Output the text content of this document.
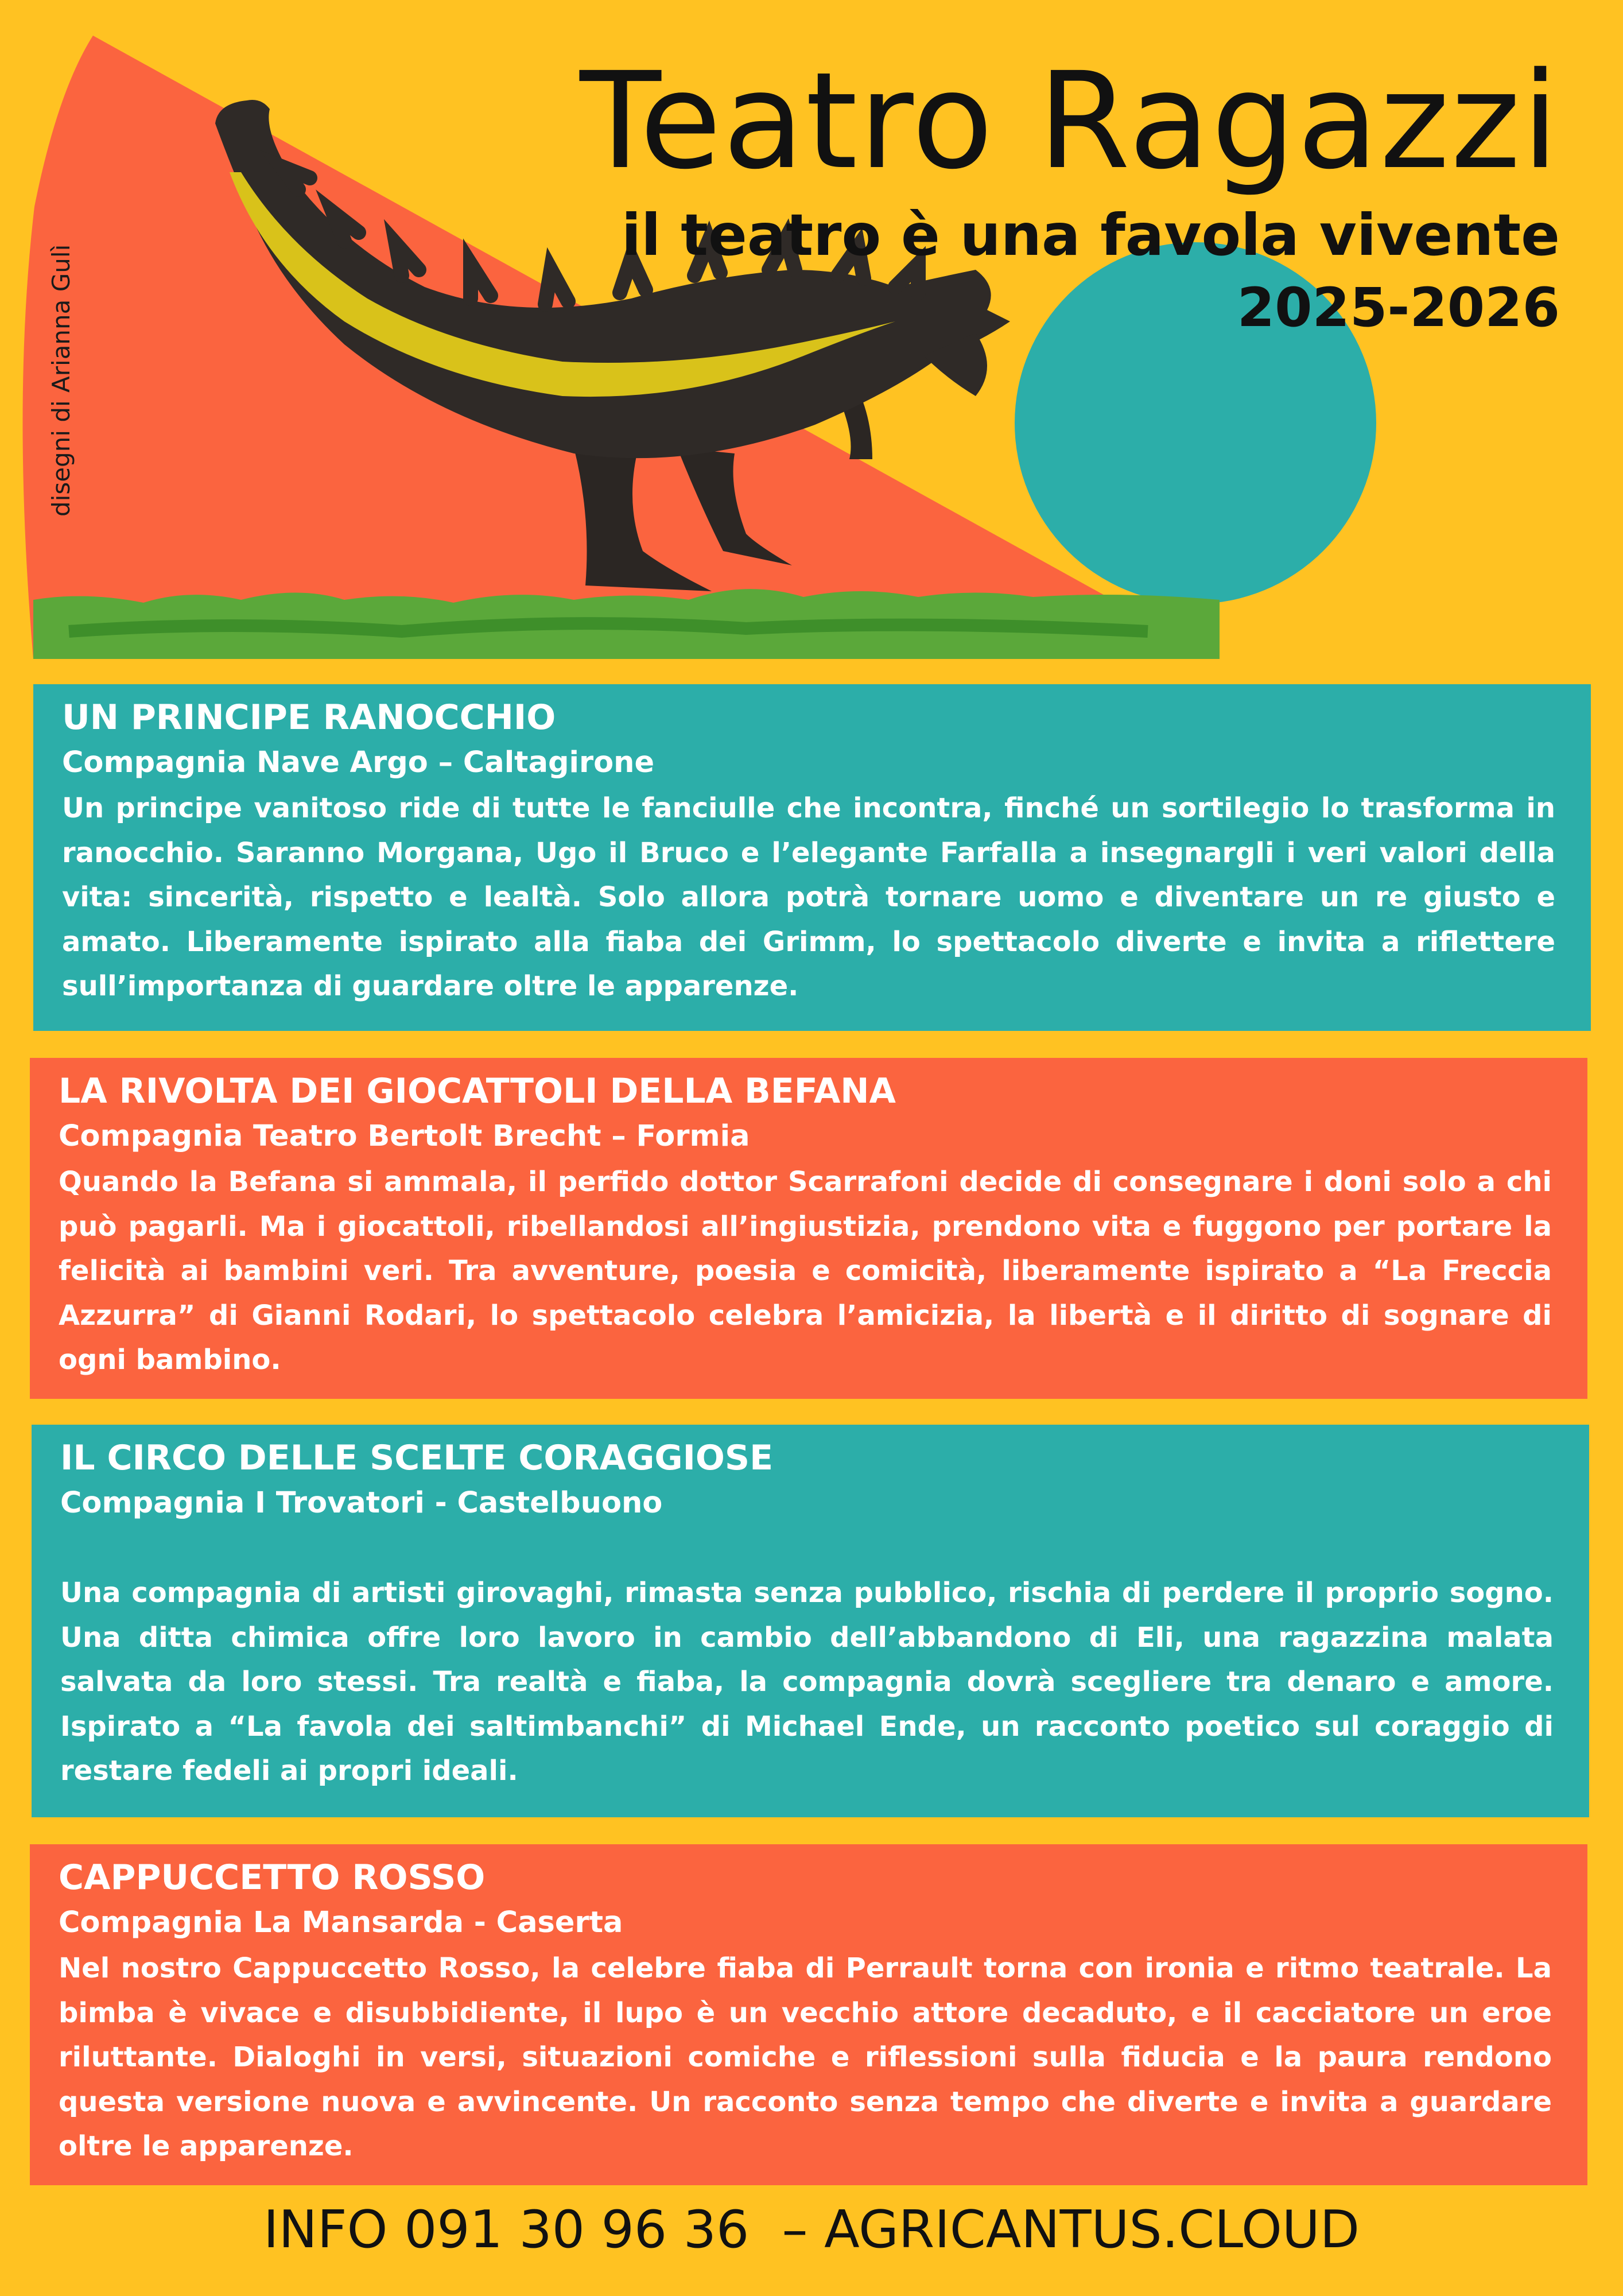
disegni di Arianna Gulì
Teatro Ragazzi

il teatro è una favola vivente

2025-2026

UN PRINCIPE RANOCCHIO

Compagnia Nave Argo – Caltagirone

Un principe vanitoso ride di tutte le fanciulle che incontra, finché un sortilegio lo trasforma in ranocchio. Saranno Morgana, Ugo il Bruco e l’elegante Farfalla a insegnargli i veri valori della vita: sincerità, rispetto e lealtà. Solo allora potrà tornare uomo e diventare un re giusto e amato. Liberamente ispirato alla fiaba dei Grimm, lo spettacolo diverte e invita a riflettere sull’importanza di guardare oltre le apparenze.

LA RIVOLTA DEI GIOCATTOLI DELLA BEFANA

Compagnia Teatro Bertolt Brecht – Formia

Quando la Befana si ammala, il perfido dottor Scarrafoni decide di consegnare i doni solo a chi può pagarli. Ma i giocattoli, ribellandosi all’ingiustizia, prendono vita e fuggono per portare la felicità ai bambini veri. Tra avventure, poesia e comicità, liberamente ispirato a “La Freccia Azzurra” di Gianni Rodari, lo spettacolo celebra l’amicizia, la libertà e il diritto di sognare di ogni bambino.

IL CIRCO DELLE SCELTE CORAGGIOSE

Compagnia I Trovatori - Castelbuono

Una compagnia di artisti girovaghi, rimasta senza pubblico, rischia di perdere il proprio sogno. Una ditta chimica offre loro lavoro in cambio dell’abbandono di Eli, una ragazzina malata salvata da loro stessi. Tra realtà e fiaba, la compagnia dovrà scegliere tra denaro e amore. Ispirato a “La favola dei saltimbanchi” di Michael Ende, un racconto poetico sul coraggio di restare fedeli ai propri ideali.

CAPPUCCETTO ROSSO

Compagnia La Mansarda - Caserta

Nel nostro Cappuccetto Rosso, la celebre fiaba di Perrault torna con ironia e ritmo teatrale. La bimba è vivace e disubbidiente, il lupo è un vecchio attore decaduto, e il cacciatore un eroe riluttante. Dialoghi in versi, situazioni comiche e riflessioni sulla fiducia e la paura rendono questa versione nuova e avvincente. Un racconto senza tempo che diverte e invita a guardare oltre le apparenze.

INFO 091 30 96 36  – AGRICANTUS.CLOUD
